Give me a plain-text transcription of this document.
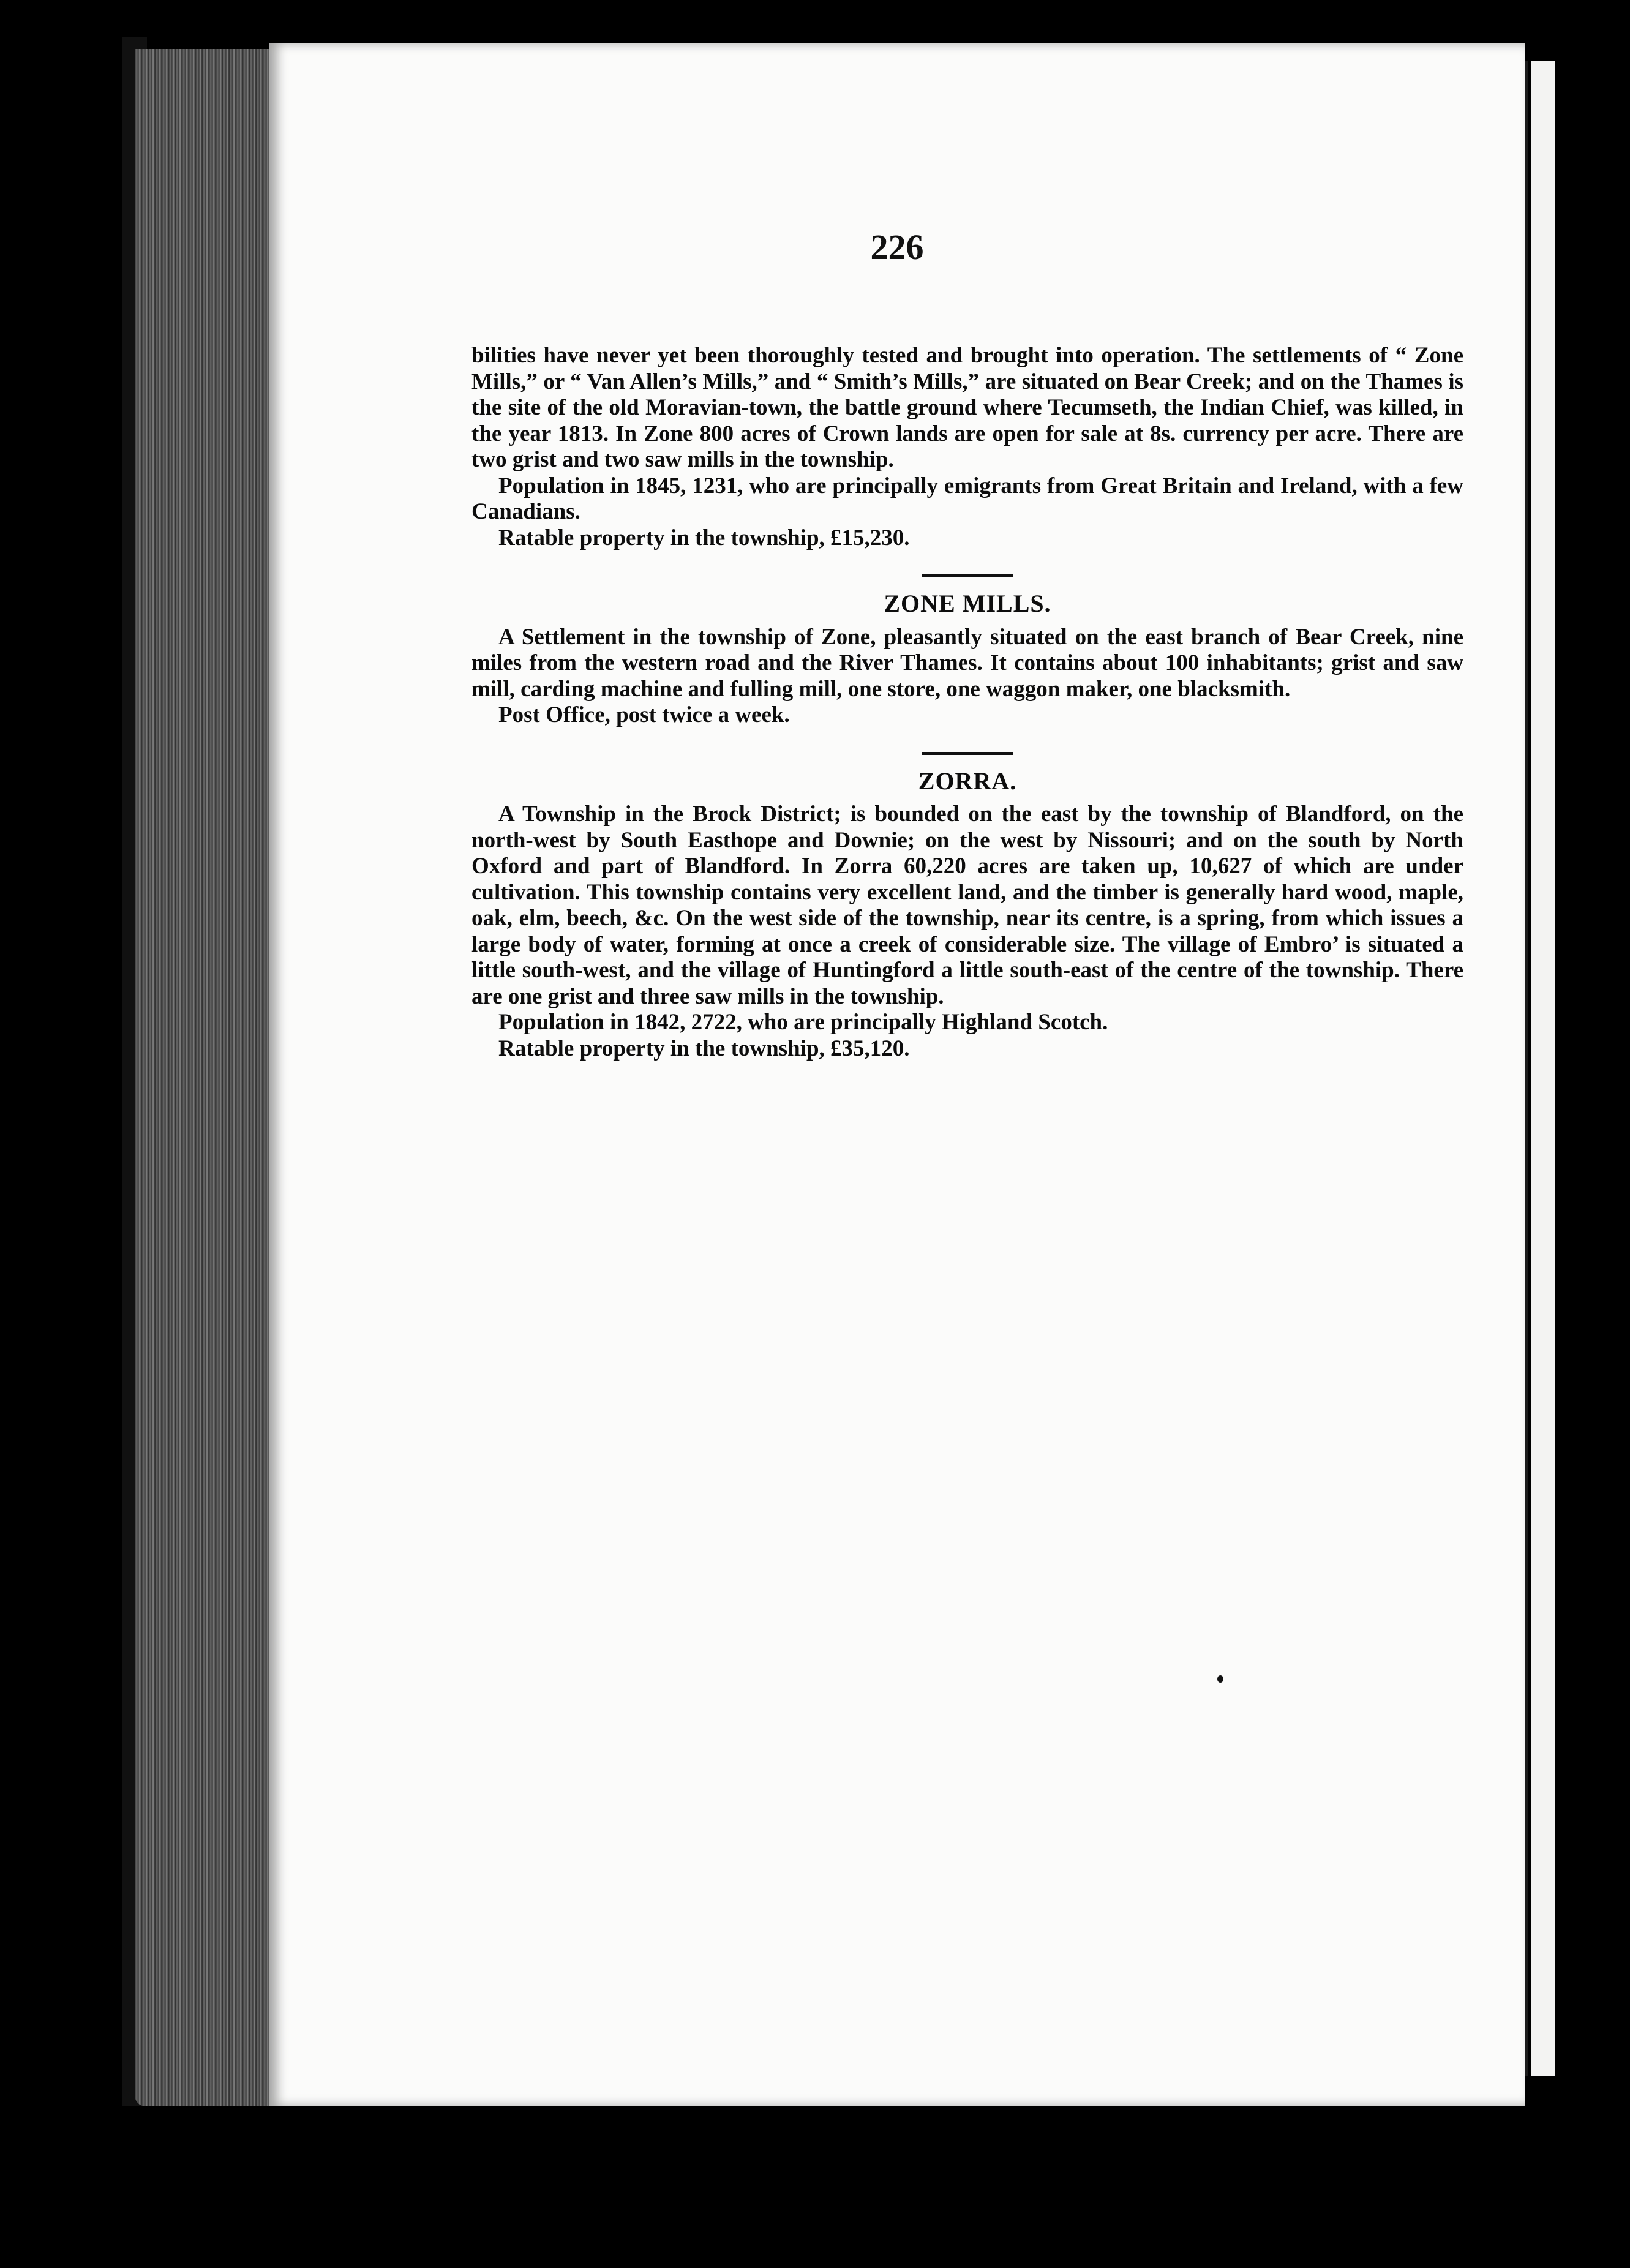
226

bilities have never yet been thoroughly tested and brought into operation. The settlements of “ Zone Mills,” or “ Van Allen’s Mills,” and “ Smith’s Mills,” are situated on Bear Creek; and on the Thames is the site of the old Moravian-town, the battle ground where Tecumseth, the Indian Chief, was killed, in the year 1813. In Zone 800 acres of Crown lands are open for sale at 8s. currency per acre. There are two grist and two saw mills in the township.

Population in 1845, 1231, who are principally emigrants from Great Britain and Ireland, with a few Canadians.

Ratable property in the township, £15,230.

ZONE MILLS.

A Settlement in the township of Zone, pleasantly situated on the east branch of Bear Creek, nine miles from the western road and the River Thames. It contains about 100 inhabitants; grist and saw mill, carding machine and fulling mill, one store, one waggon maker, one blacksmith.

Post Office, post twice a week.

ZORRA.

A Township in the Brock District; is bounded on the east by the township of Blandford, on the north-west by South Easthope and Downie; on the west by Nissouri; and on the south by North Oxford and part of Blandford. In Zorra 60,220 acres are taken up, 10,627 of which are under cultivation. This township contains very excellent land, and the timber is generally hard wood, maple, oak, elm, beech, &c. On the west side of the township, near its centre, is a spring, from which issues a large body of water, forming at once a creek of considerable size. The village of Embro’ is situated a little south-west, and the village of Huntingford a little south-east of the centre of the township. There are one grist and three saw mills in the township.

Population in 1842, 2722, who are principally Highland Scotch.

Ratable property in the township, £35,120.
